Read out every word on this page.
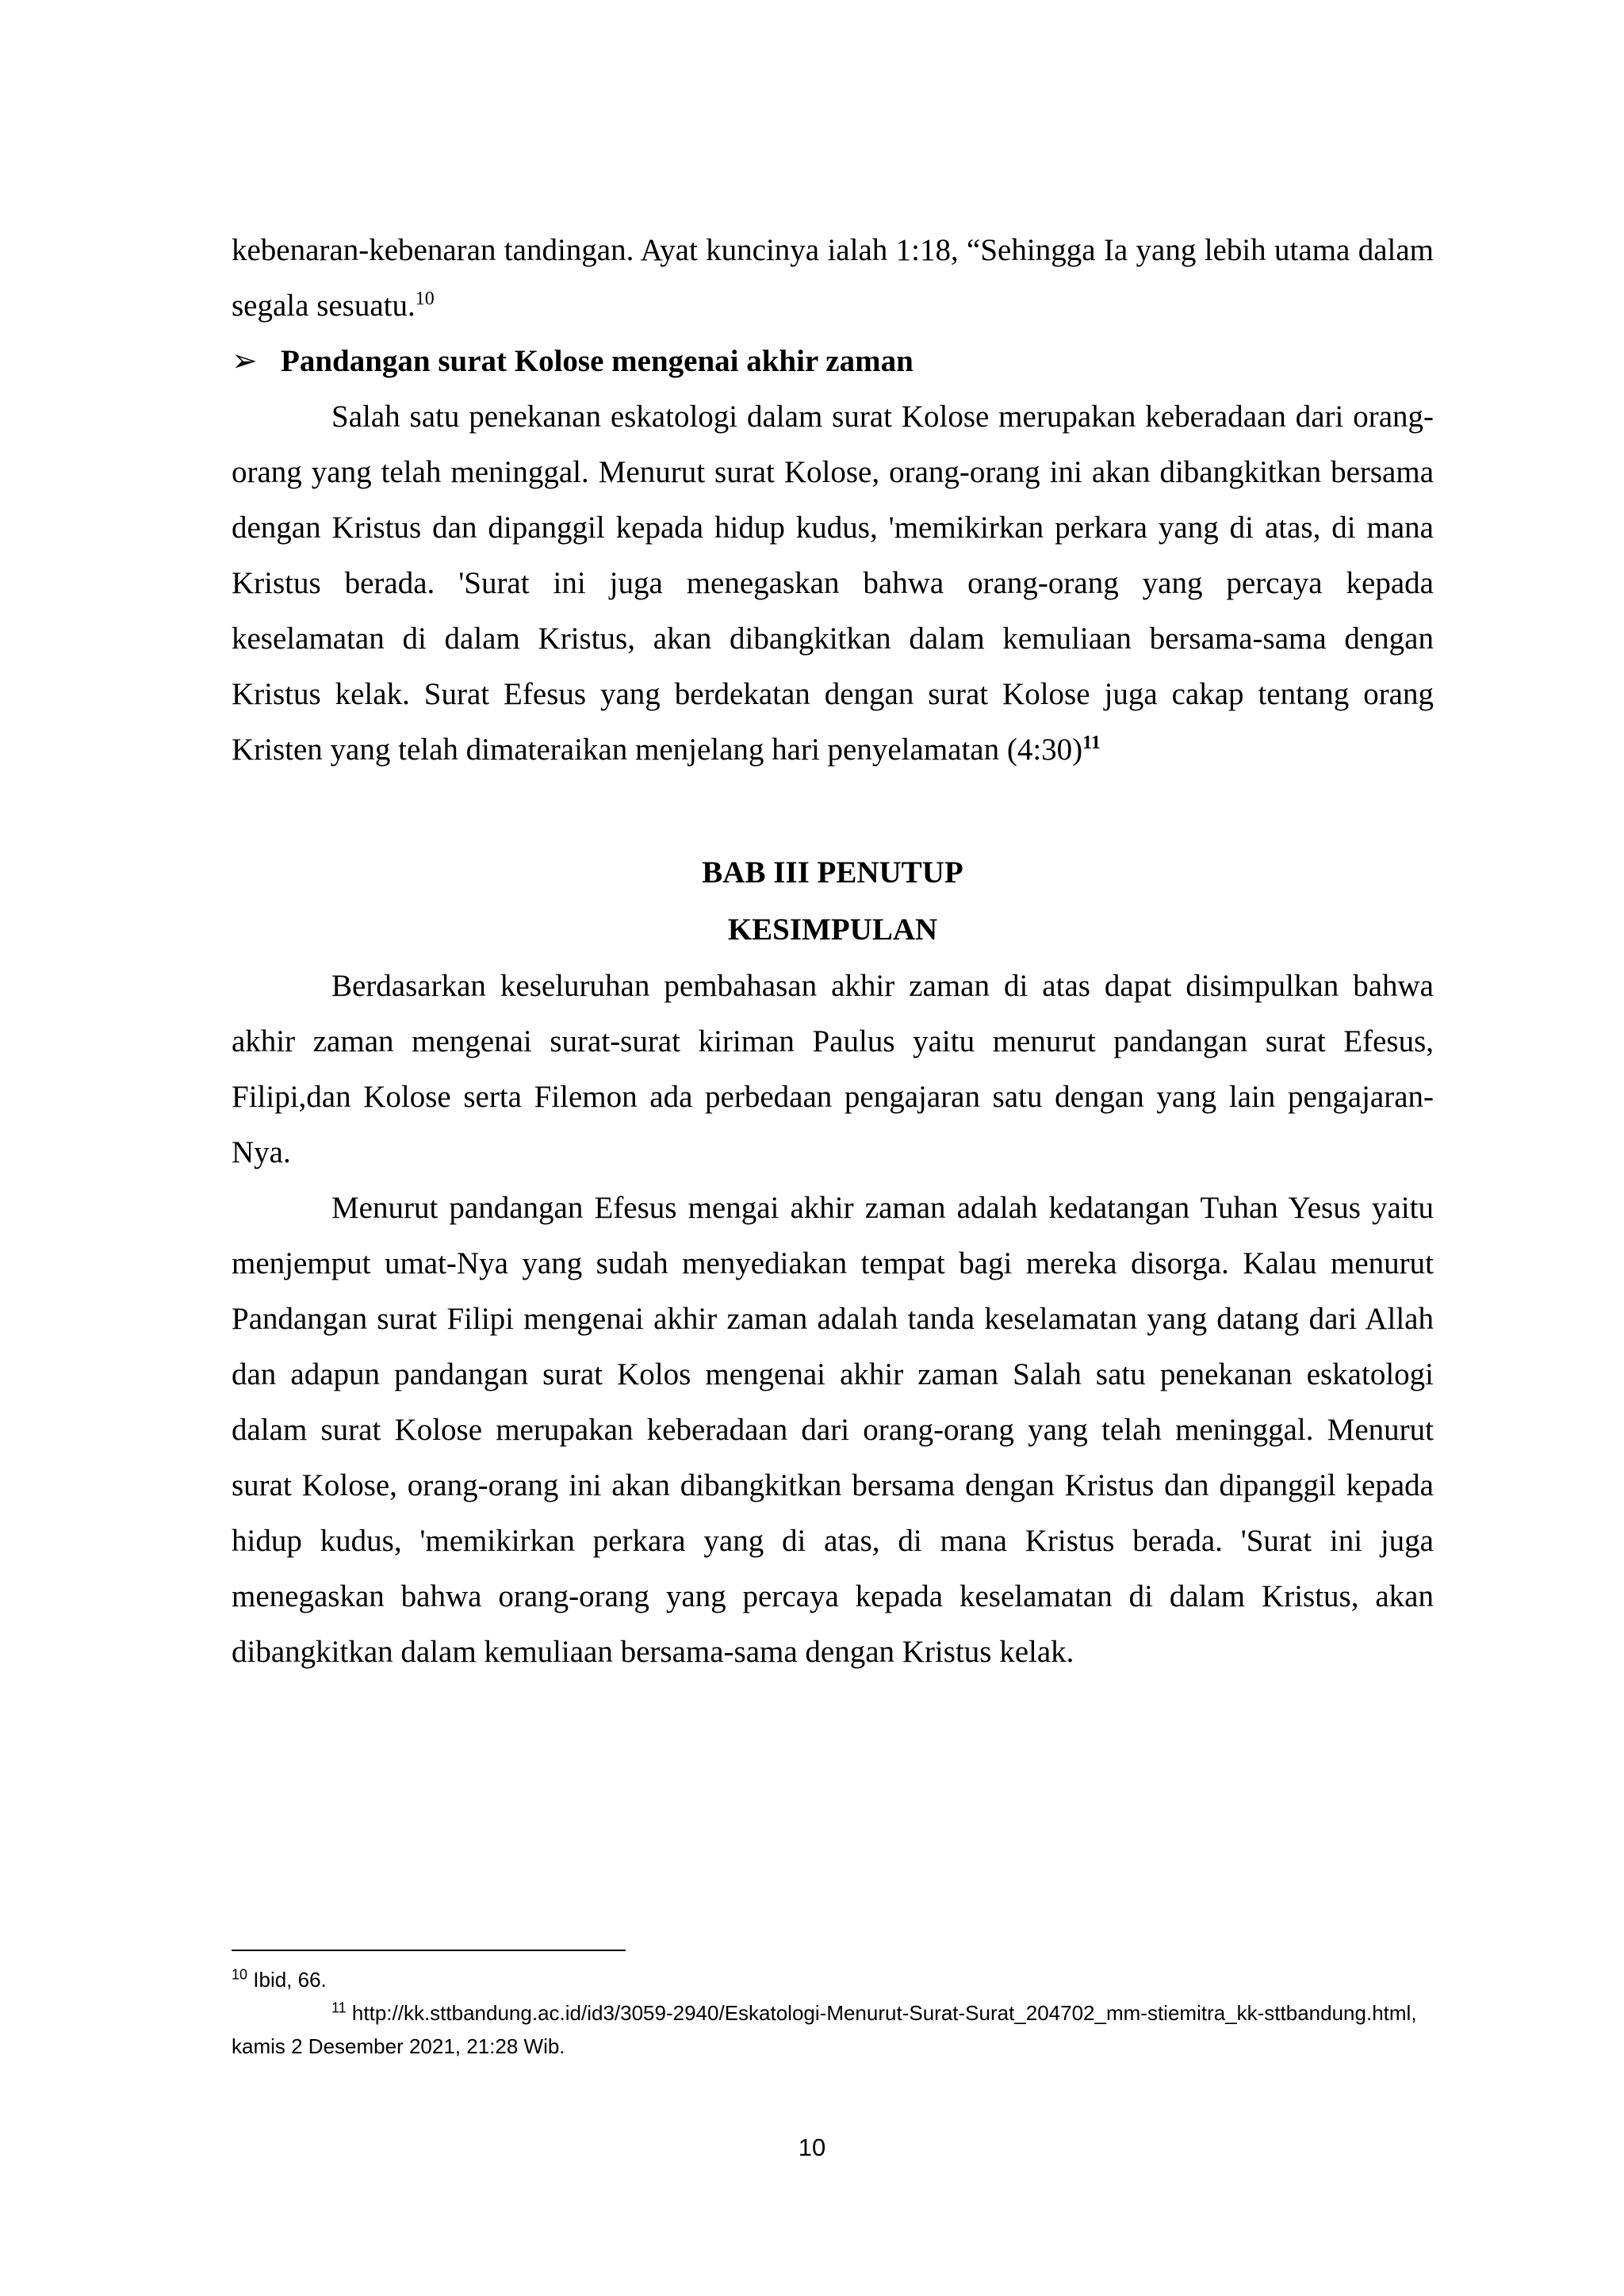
kebenaran-kebenaran tandingan. Ayat kuncinya ialah 1:18, “Sehingga Ia yang lebih utama dalam segala sesuatu.$^{10}$

➢ Pandangan surat Kolose mengenai akhir zaman

Salah satu penekanan eskatologi dalam surat Kolose merupakan keberadaan dari orang-orang yang telah meninggal. Menurut surat Kolose, orang-orang ini akan dibangkitkan bersama dengan Kristus dan dipanggil kepada hidup kudus, 'memikirkan perkara yang di atas, di mana Kristus berada. 'Surat ini juga menegaskan bahwa orang-orang yang percaya kepada keselamatan di dalam Kristus, akan dibangkitkan dalam kemuliaan bersama-sama dengan Kristus kelak. Surat Efesus yang berdekatan dengan surat Kolose juga cakap tentang orang Kristen yang telah dimateraikan menjelang hari penyelamatan (4:30)$^{11}$

BAB III PENUTUP
KESIMPULAN

Berdasarkan keseluruhan pembahasan akhir zaman di atas dapat disimpulkan bahwa akhir zaman mengenai surat-surat kiriman Paulus yaitu menurut pandangan surat Efesus, Filipi,dan Kolose serta Filemon ada perbedaan pengajaran satu dengan yang lain pengajaran-Nya.

Menurut pandangan Efesus mengai akhir zaman adalah kedatangan Tuhan Yesus yaitu menjemput umat-Nya yang sudah menyediakan tempat bagi mereka disorga. Kalau menurut Pandangan surat Filipi mengenai akhir zaman adalah tanda keselamatan yang datang dari Allah dan adapun pandangan surat Kolos mengenai akhir zaman Salah satu penekanan eskatologi dalam surat Kolose merupakan keberadaan dari orang-orang yang telah meninggal. Menurut surat Kolose, orang-orang ini akan dibangkitkan bersama dengan Kristus dan dipanggil kepada hidup kudus, 'memikirkan perkara yang di atas, di mana Kristus berada. 'Surat ini juga menegaskan bahwa orang-orang yang percaya kepada keselamatan di dalam Kristus, akan dibangkitkan dalam kemuliaan bersama-sama dengan Kristus kelak.

$^{10}$ Ibid, 66.

$^{11}$ http://kk.sttbandung.ac.id/id3/3059-2940/Eskatologi-Menurut-Surat-Surat_204702_mm-stiemitra_kk-sttbandung.html, kamis 2 Desember 2021, 21:28 Wib.

10
